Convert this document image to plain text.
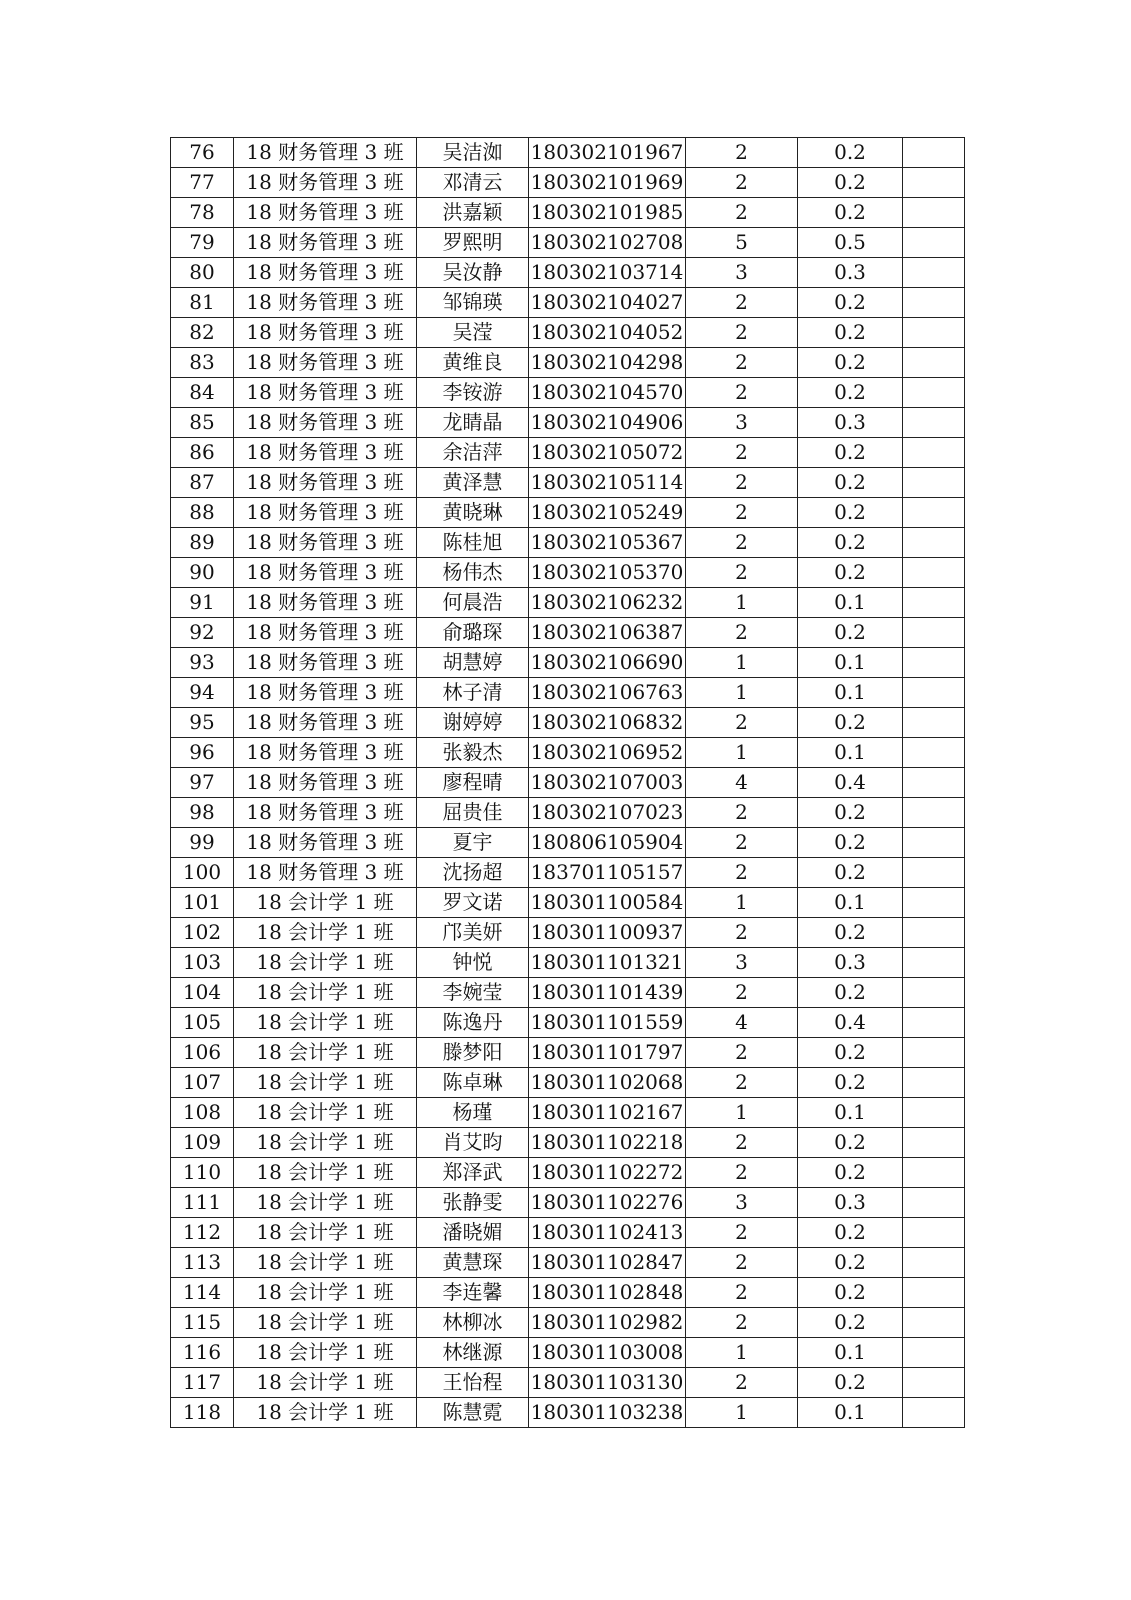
76	18 财务管理 3 班	吴洁洳	180302101967	2	0.2	
77	18 财务管理 3 班	邓清云	180302101969	2	0.2	
78	18 财务管理 3 班	洪嘉颖	180302101985	2	0.2	
79	18 财务管理 3 班	罗熙明	180302102708	5	0.5	
80	18 财务管理 3 班	吴汝静	180302103714	3	0.3	
81	18 财务管理 3 班	邹锦瑛	180302104027	2	0.2	
82	18 财务管理 3 班	吴滢	180302104052	2	0.2	
83	18 财务管理 3 班	黄维良	180302104298	2	0.2	
84	18 财务管理 3 班	李铵游	180302104570	2	0.2	
85	18 财务管理 3 班	龙睛晶	180302104906	3	0.3	
86	18 财务管理 3 班	余洁萍	180302105072	2	0.2	
87	18 财务管理 3 班	黄泽慧	180302105114	2	0.2	
88	18 财务管理 3 班	黄晓琳	180302105249	2	0.2	
89	18 财务管理 3 班	陈桂旭	180302105367	2	0.2	
90	18 财务管理 3 班	杨伟杰	180302105370	2	0.2	
91	18 财务管理 3 班	何晨浩	180302106232	1	0.1	
92	18 财务管理 3 班	俞璐琛	180302106387	2	0.2	
93	18 财务管理 3 班	胡慧婷	180302106690	1	0.1	
94	18 财务管理 3 班	林子清	180302106763	1	0.1	
95	18 财务管理 3 班	谢婷婷	180302106832	2	0.2	
96	18 财务管理 3 班	张毅杰	180302106952	1	0.1	
97	18 财务管理 3 班	廖程晴	180302107003	4	0.4	
98	18 财务管理 3 班	屈贵佳	180302107023	2	0.2	
99	18 财务管理 3 班	夏宇	180806105904	2	0.2	
100	18 财务管理 3 班	沈扬超	183701105157	2	0.2	
101	18 会计学 1 班	罗文诺	180301100584	1	0.1	
102	18 会计学 1 班	邝美妍	180301100937	2	0.2	
103	18 会计学 1 班	钟悦	180301101321	3	0.3	
104	18 会计学 1 班	李婉莹	180301101439	2	0.2	
105	18 会计学 1 班	陈逸丹	180301101559	4	0.4	
106	18 会计学 1 班	滕梦阳	180301101797	2	0.2	
107	18 会计学 1 班	陈卓琳	180301102068	2	0.2	
108	18 会计学 1 班	杨瑾	180301102167	1	0.1	
109	18 会计学 1 班	肖艾昀	180301102218	2	0.2	
110	18 会计学 1 班	郑泽武	180301102272	2	0.2	
111	18 会计学 1 班	张静雯	180301102276	3	0.3	
112	18 会计学 1 班	潘晓媚	180301102413	2	0.2	
113	18 会计学 1 班	黄慧琛	180301102847	2	0.2	
114	18 会计学 1 班	李连馨	180301102848	2	0.2	
115	18 会计学 1 班	林柳冰	180301102982	2	0.2	
116	18 会计学 1 班	林继源	180301103008	1	0.1	
117	18 会计学 1 班	王怡程	180301103130	2	0.2	
118	18 会计学 1 班	陈慧霓	180301103238	1	0.1	
